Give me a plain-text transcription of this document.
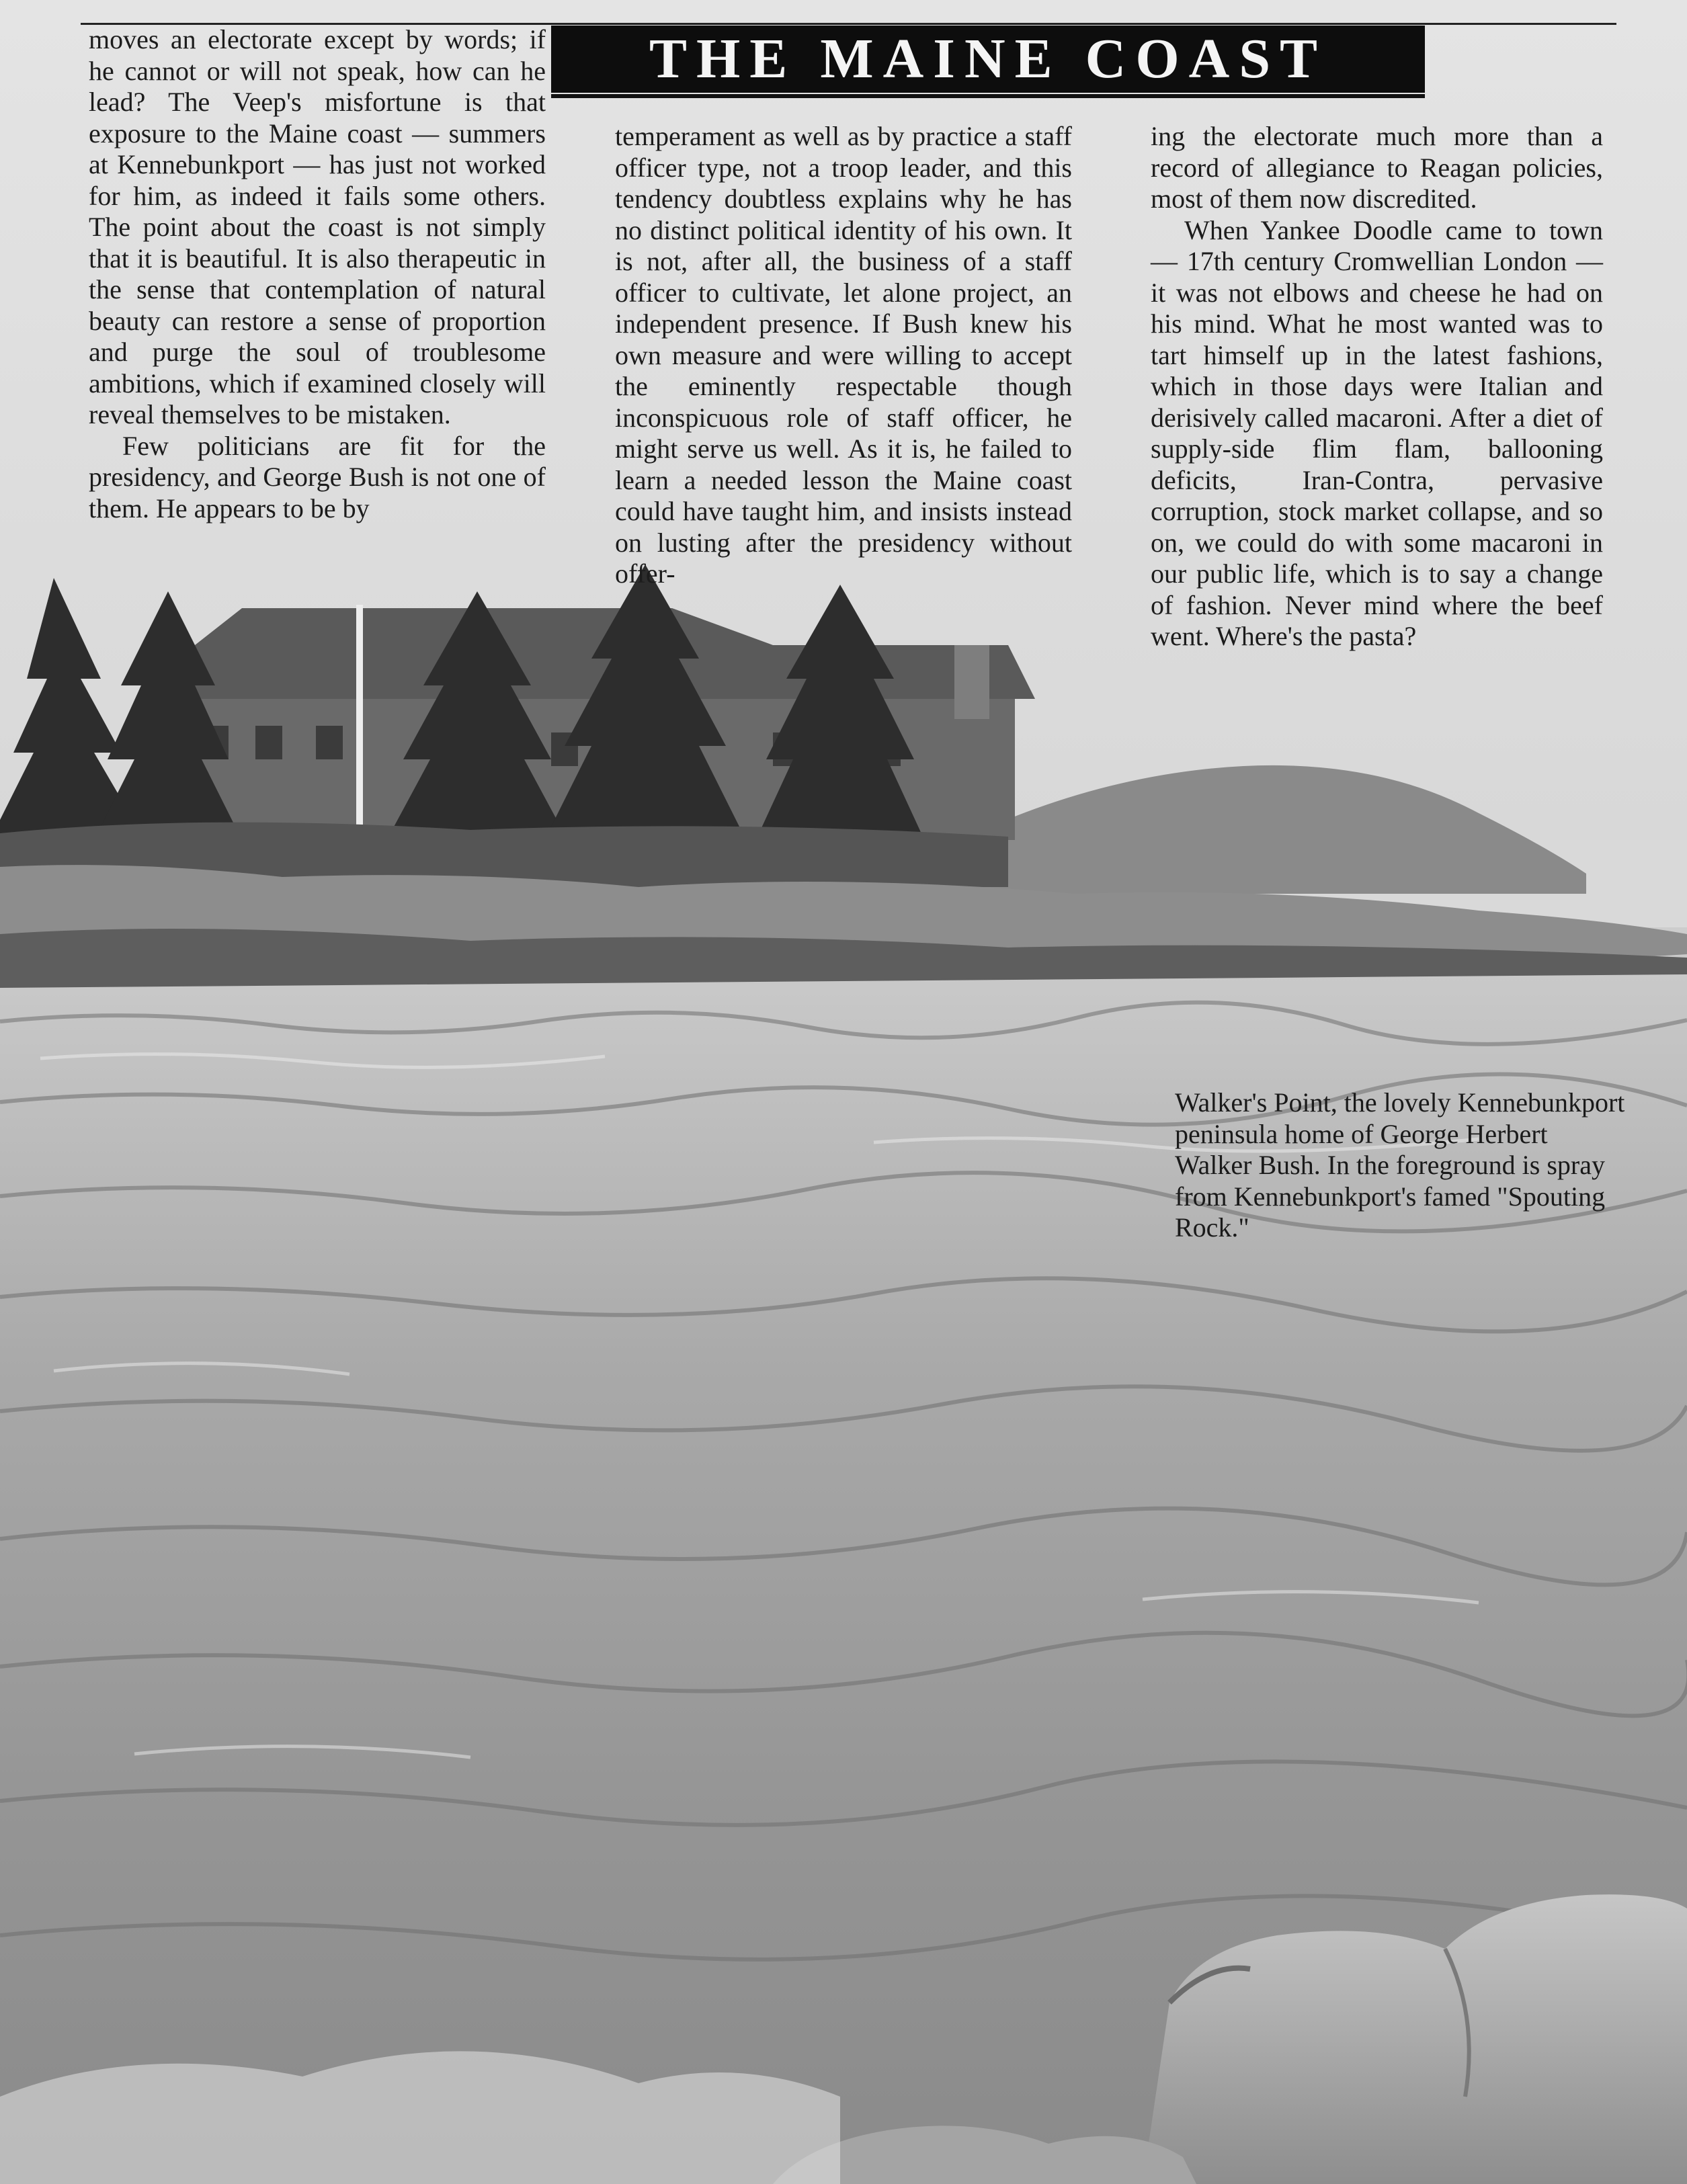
THE MAINE COAST

moves an electorate except by words; if he cannot or will not speak, how can he lead? The Veep's misfortune is that exposure to the Maine coast — summers at Kennebunkport — has just not worked for him, as indeed it fails some others. The point about the coast is not simply that it is beautiful. It is also therapeutic in the sense that contemplation of natural beauty can restore a sense of proportion and purge the soul of troublesome ambitions, which if examined closely will reveal themselves to be mistaken.

Few politicians are fit for the presidency, and George Bush is not one of them. He appears to be by

temperament as well as by practice a staff officer type, not a troop leader, and this tendency doubtless explains why he has no distinct political identity of his own. It is not, after all, the business of a staff officer to cultivate, let alone project, an independent presence. If Bush knew his own measure and were willing to accept the eminently respectable though inconspicuous role of staff officer, he might serve us well. As it is, he failed to learn a needed lesson the Maine coast could have taught him, and insists instead on lusting after the presidency without offer-

ing the electorate much more than a record of allegiance to Reagan policies, most of them now discredited.

When Yankee Doodle came to town — 17th century Cromwellian London — it was not elbows and cheese he had on his mind. What he most wanted was to tart himself up in the latest fashions, which in those days were Italian and derisively called macaroni. After a diet of supply-side flim flam, ballooning deficits, Iran-Contra, pervasive corruption, stock market collapse, and so on, we could do with some macaroni in our public life, which is to say a change of fashion. Never mind where the beef went. Where's the pasta?

Walker's Point, the lovely Kennebunkport peninsula home of George Herbert Walker Bush. In the foreground is spray from Kennebunkport's famed "Spouting Rock."
